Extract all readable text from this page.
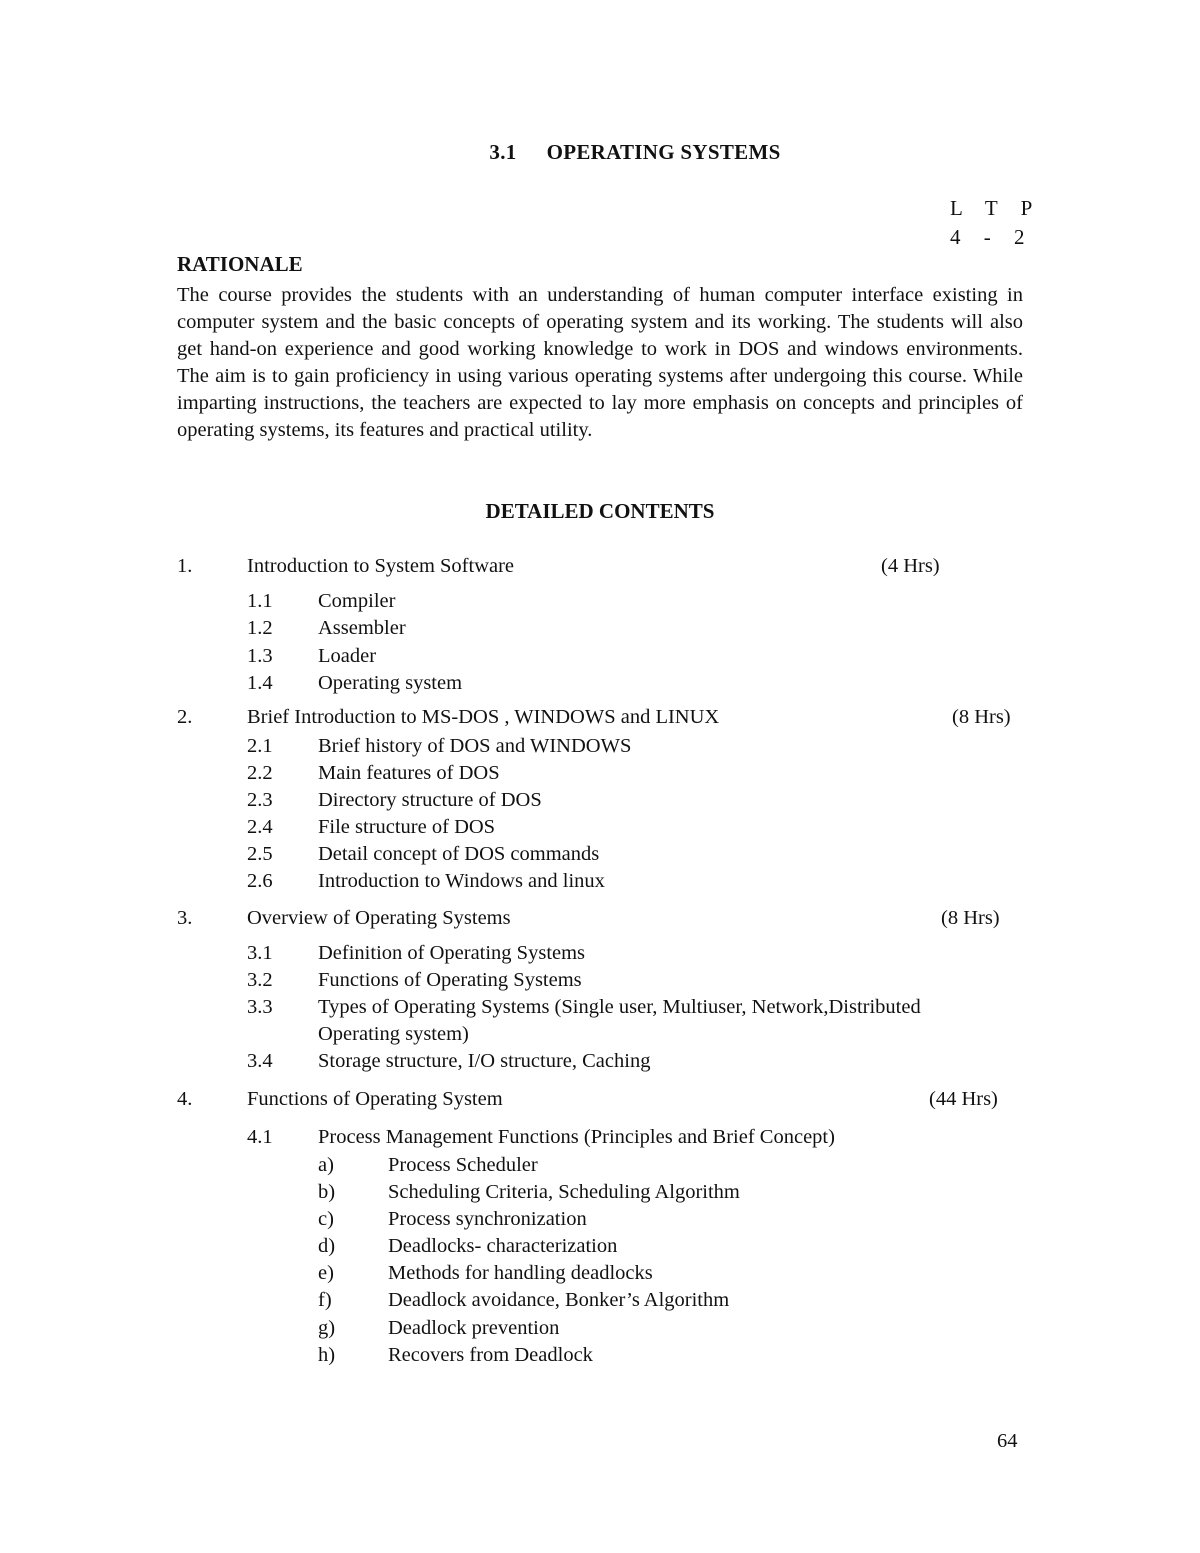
3.1 OPERATING SYSTEMS
L T P
4 - 2
RATIONALE
The course provides the students with an understanding of human computer interface existing in computer system and the basic concepts of operating system and its working. The students will also get hand-on experience and good working knowledge to work in DOS and windows environments. The aim is to gain proficiency in using various operating systems after undergoing this course. While imparting instructions, the teachers are expected to lay more emphasis on concepts and principles of operating systems, its features and practical utility.
DETAILED CONTENTS
1.	Introduction to System Software	(4 Hrs)
1.1 Compiler
1.2 Assembler
1.3 Loader
1.4 Operating system
2.	Brief Introduction to MS-DOS , WINDOWS and LINUX	(8 Hrs)
2.1 Brief history of DOS and WINDOWS
2.2 Main features of DOS
2.3 Directory structure of DOS
2.4 File structure of DOS
2.5 Detail concept of DOS commands
2.6 Introduction to Windows and linux
3.	Overview of Operating Systems	(8 Hrs)
3.1 Definition of Operating Systems
3.2 Functions of Operating Systems
3.3 Types of Operating Systems (Single user, Multiuser, Network,Distributed
Operating system)
3.4 Storage structure, I/O structure, Caching
4.	Functions of Operating System	(44 Hrs)
4.1 Process Management Functions (Principles and Brief Concept)
a)	Process Scheduler
b)	Scheduling Criteria, Scheduling Algorithm
c)	Process synchronization
d)	Deadlocks- characterization
e)	Methods for handling deadlocks
f)	Deadlock avoidance, Bonker’s Algorithm
g)	Deadlock prevention
h)	Recovers from Deadlock
64
